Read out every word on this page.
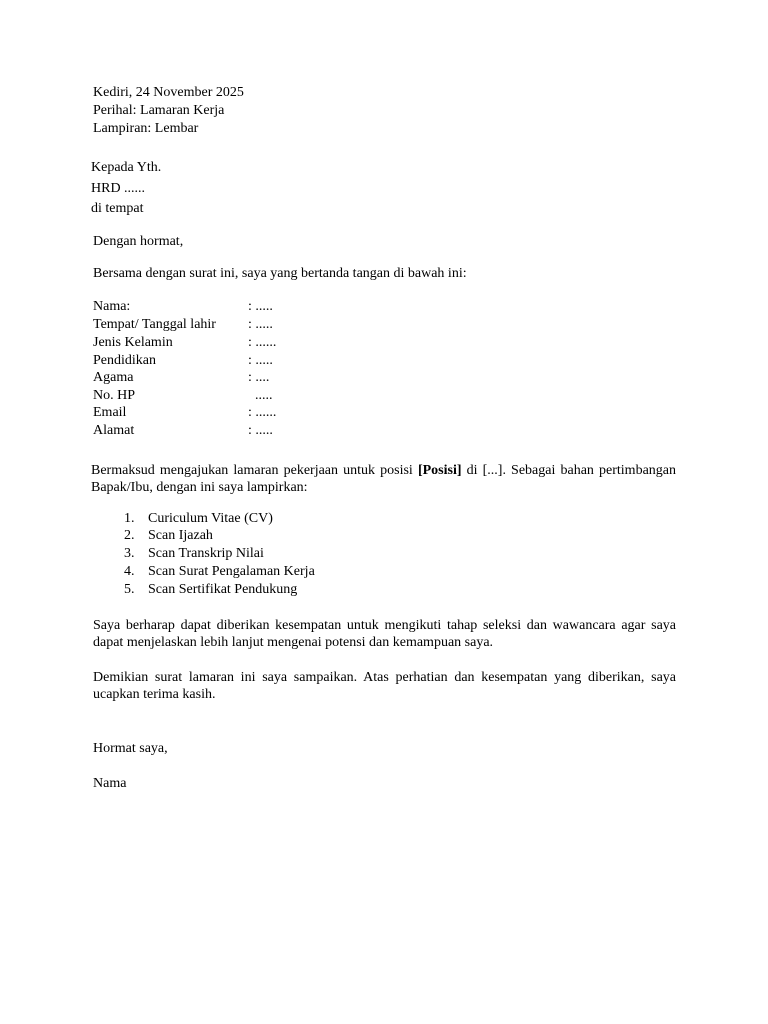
Kediri, 24 November 2025
Perihal: Lamaran Kerja
Lampiran: Lembar
Kepada Yth.
HRD ......
di tempat
Dengan hormat,
Bersama dengan surat ini, saya yang bertanda tangan di bawah ini:
Nama:	: .....
Tempat/ Tanggal lahir : .....
Jenis Kelamin	: ......
Pendidikan	: .....
Agama	: ....
No. HP	.....
Email	: ......
Alamat	: .....
Bermaksud mengajukan lamaran pekerjaan untuk posisi [Posisi] di [...]. Sebagai bahan pertimbangan Bapak/Ibu, dengan ini saya lampirkan:
1. Curiculum Vitae (CV)
2. Scan Ijazah
3. Scan Transkrip Nilai
4. Scan Surat Pengalaman Kerja
5. Scan Sertifikat Pendukung
Saya berharap dapat diberikan kesempatan untuk mengikuti tahap seleksi dan wawancara agar saya dapat menjelaskan lebih lanjut mengenai potensi dan kemampuan saya.
Demikian surat lamaran ini saya sampaikan. Atas perhatian dan kesempatan yang diberikan, saya ucapkan terima kasih.
Hormat saya,
Nama
